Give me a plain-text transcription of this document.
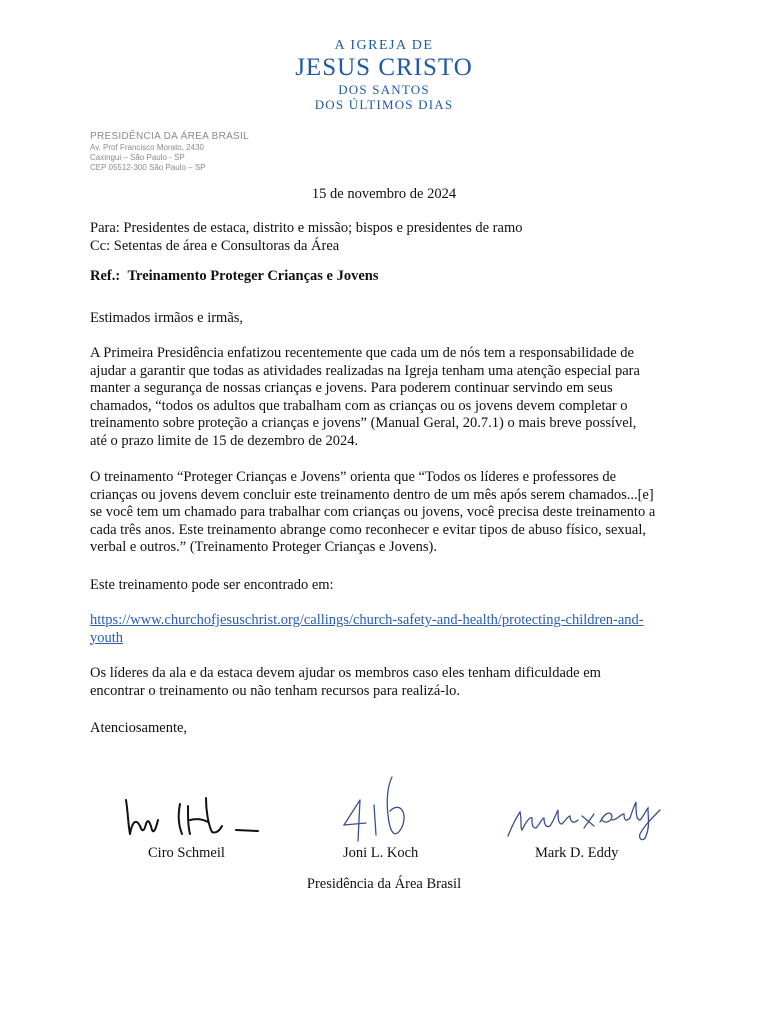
A IGREJA DE
JESUS CRISTO
DOS SANTOS
DOS ÚLTIMOS DIAS
PRESIDÊNCIA DA ÁREA BRASIL
Av. Prof Francisco Morato, 2430
Caxingui – São Paulo - SP
CEP 05512-300 São Paulo – SP
15 de novembro de 2024
Para: Presidentes de estaca, distrito e missão; bispos e presidentes de ramo
Cc: Setentas de área e Consultoras da Área
Ref.: Treinamento Proteger Crianças e Jovens
Estimados irmãos e irmãs,
A Primeira Presidência enfatizou recentemente que cada um de nós tem a responsabilidade de
ajudar a garantir que todas as atividades realizadas na Igreja tenham uma atenção especial para
manter a segurança de nossas crianças e jovens. Para poderem continuar servindo em seus
chamados, “todos os adultos que trabalham com as crianças ou os jovens devem completar o
treinamento sobre proteção a crianças e jovens” (Manual Geral, 20.7.1) o mais breve possível,
até o prazo limite de 15 de dezembro de 2024.
O treinamento “Proteger Crianças e Jovens” orienta que “Todos os líderes e professores de
crianças ou jovens devem concluir este treinamento dentro de um mês após serem chamados...[e]
se você tem um chamado para trabalhar com crianças ou jovens, você precisa deste treinamento a
cada três anos. Este treinamento abrange como reconhecer e evitar tipos de abuso físico, sexual,
verbal e outros.” (Treinamento Proteger Crianças e Jovens).
Este treinamento pode ser encontrado em:
https://www.churchofjesuschrist.org/callings/church-safety-and-health/protecting-children-and-
youth
Os líderes da ala e da estaca devem ajudar os membros caso eles tenham dificuldade em
encontrar o treinamento ou não tenham recursos para realizá-lo.
Atenciosamente,
Ciro Schmeil	Joni L. Koch	Mark D. Eddy
Presidência da Área Brasil
